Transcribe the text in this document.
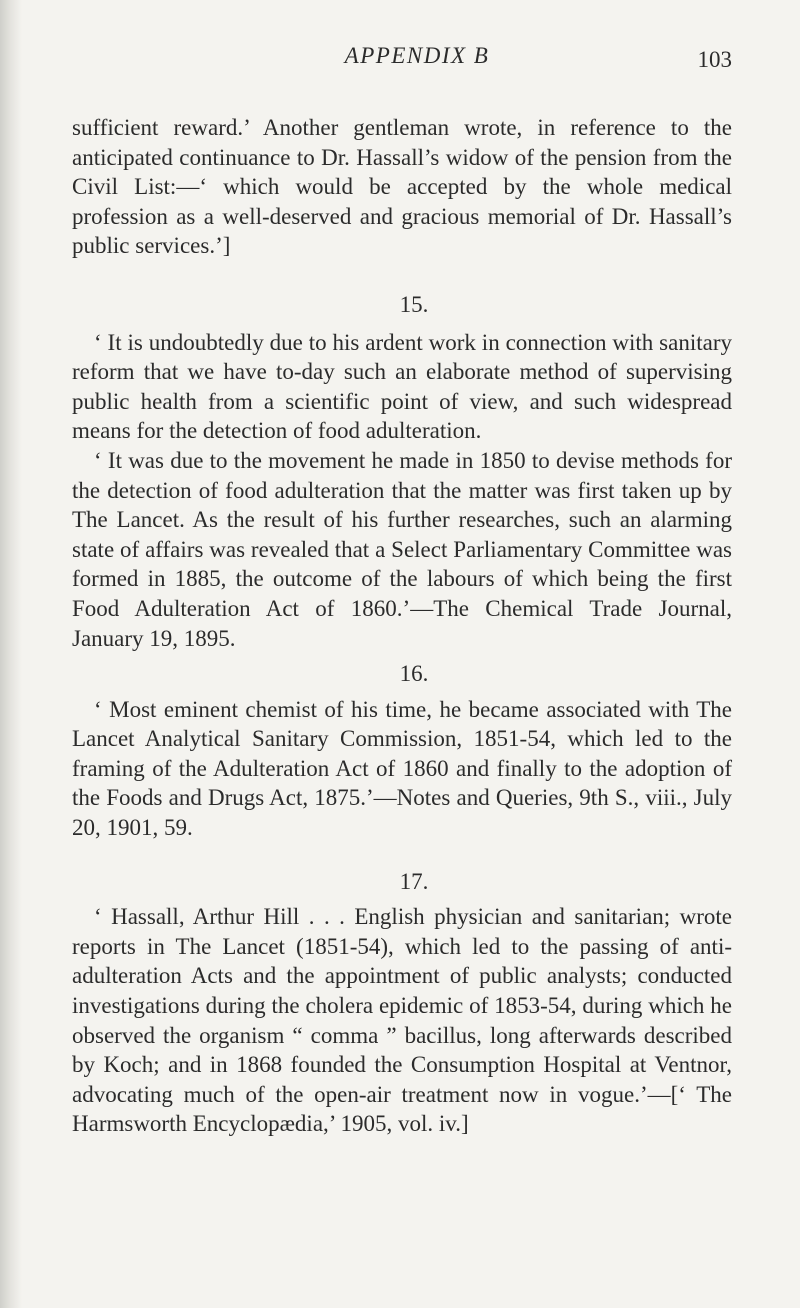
APPENDIX B	103

sufficient reward.’ Another gentleman wrote, in reference to the anticipated continuance to Dr. Hassall’s widow of the pension from the Civil List:—‘ which would be accepted by the whole medical profession as a well-deserved and gracious memorial of Dr. Hassall’s public services.’]

15.

‘ It is undoubtedly due to his ardent work in connection with sanitary reform that we have to-day such an elaborate method of supervising public health from a scientific point of view, and such widespread means for the detection of food adulteration.

‘ It was due to the movement he made in 1850 to devise methods for the detection of food adulteration that the matter was first taken up by The Lancet. As the result of his further researches, such an alarming state of affairs was revealed that a Select Parliamentary Committee was formed in 1885, the outcome of the labours of which being the first Food Adulteration Act of 1860.’—The Chemical Trade Journal, January 19, 1895.

16.

‘ Most eminent chemist of his time, he became associated with The Lancet Analytical Sanitary Commission, 1851-54, which led to the framing of the Adulteration Act of 1860 and finally to the adoption of the Foods and Drugs Act, 1875.’—Notes and Queries, 9th S., viii., July 20, 1901, 59.

17.

‘ Hassall, Arthur Hill . . . English physician and sanitarian; wrote reports in The Lancet (1851-54), which led to the passing of anti-adulteration Acts and the appointment of public analysts; conducted investigations during the cholera epidemic of 1853-54, during which he observed the organism “ comma ” bacillus, long afterwards described by Koch; and in 1868 founded the Consumption Hospital at Ventnor, advocating much of the open-air treatment now in vogue.’—[‘ The Harmsworth Encyclopædia,’ 1905, vol. iv.]
